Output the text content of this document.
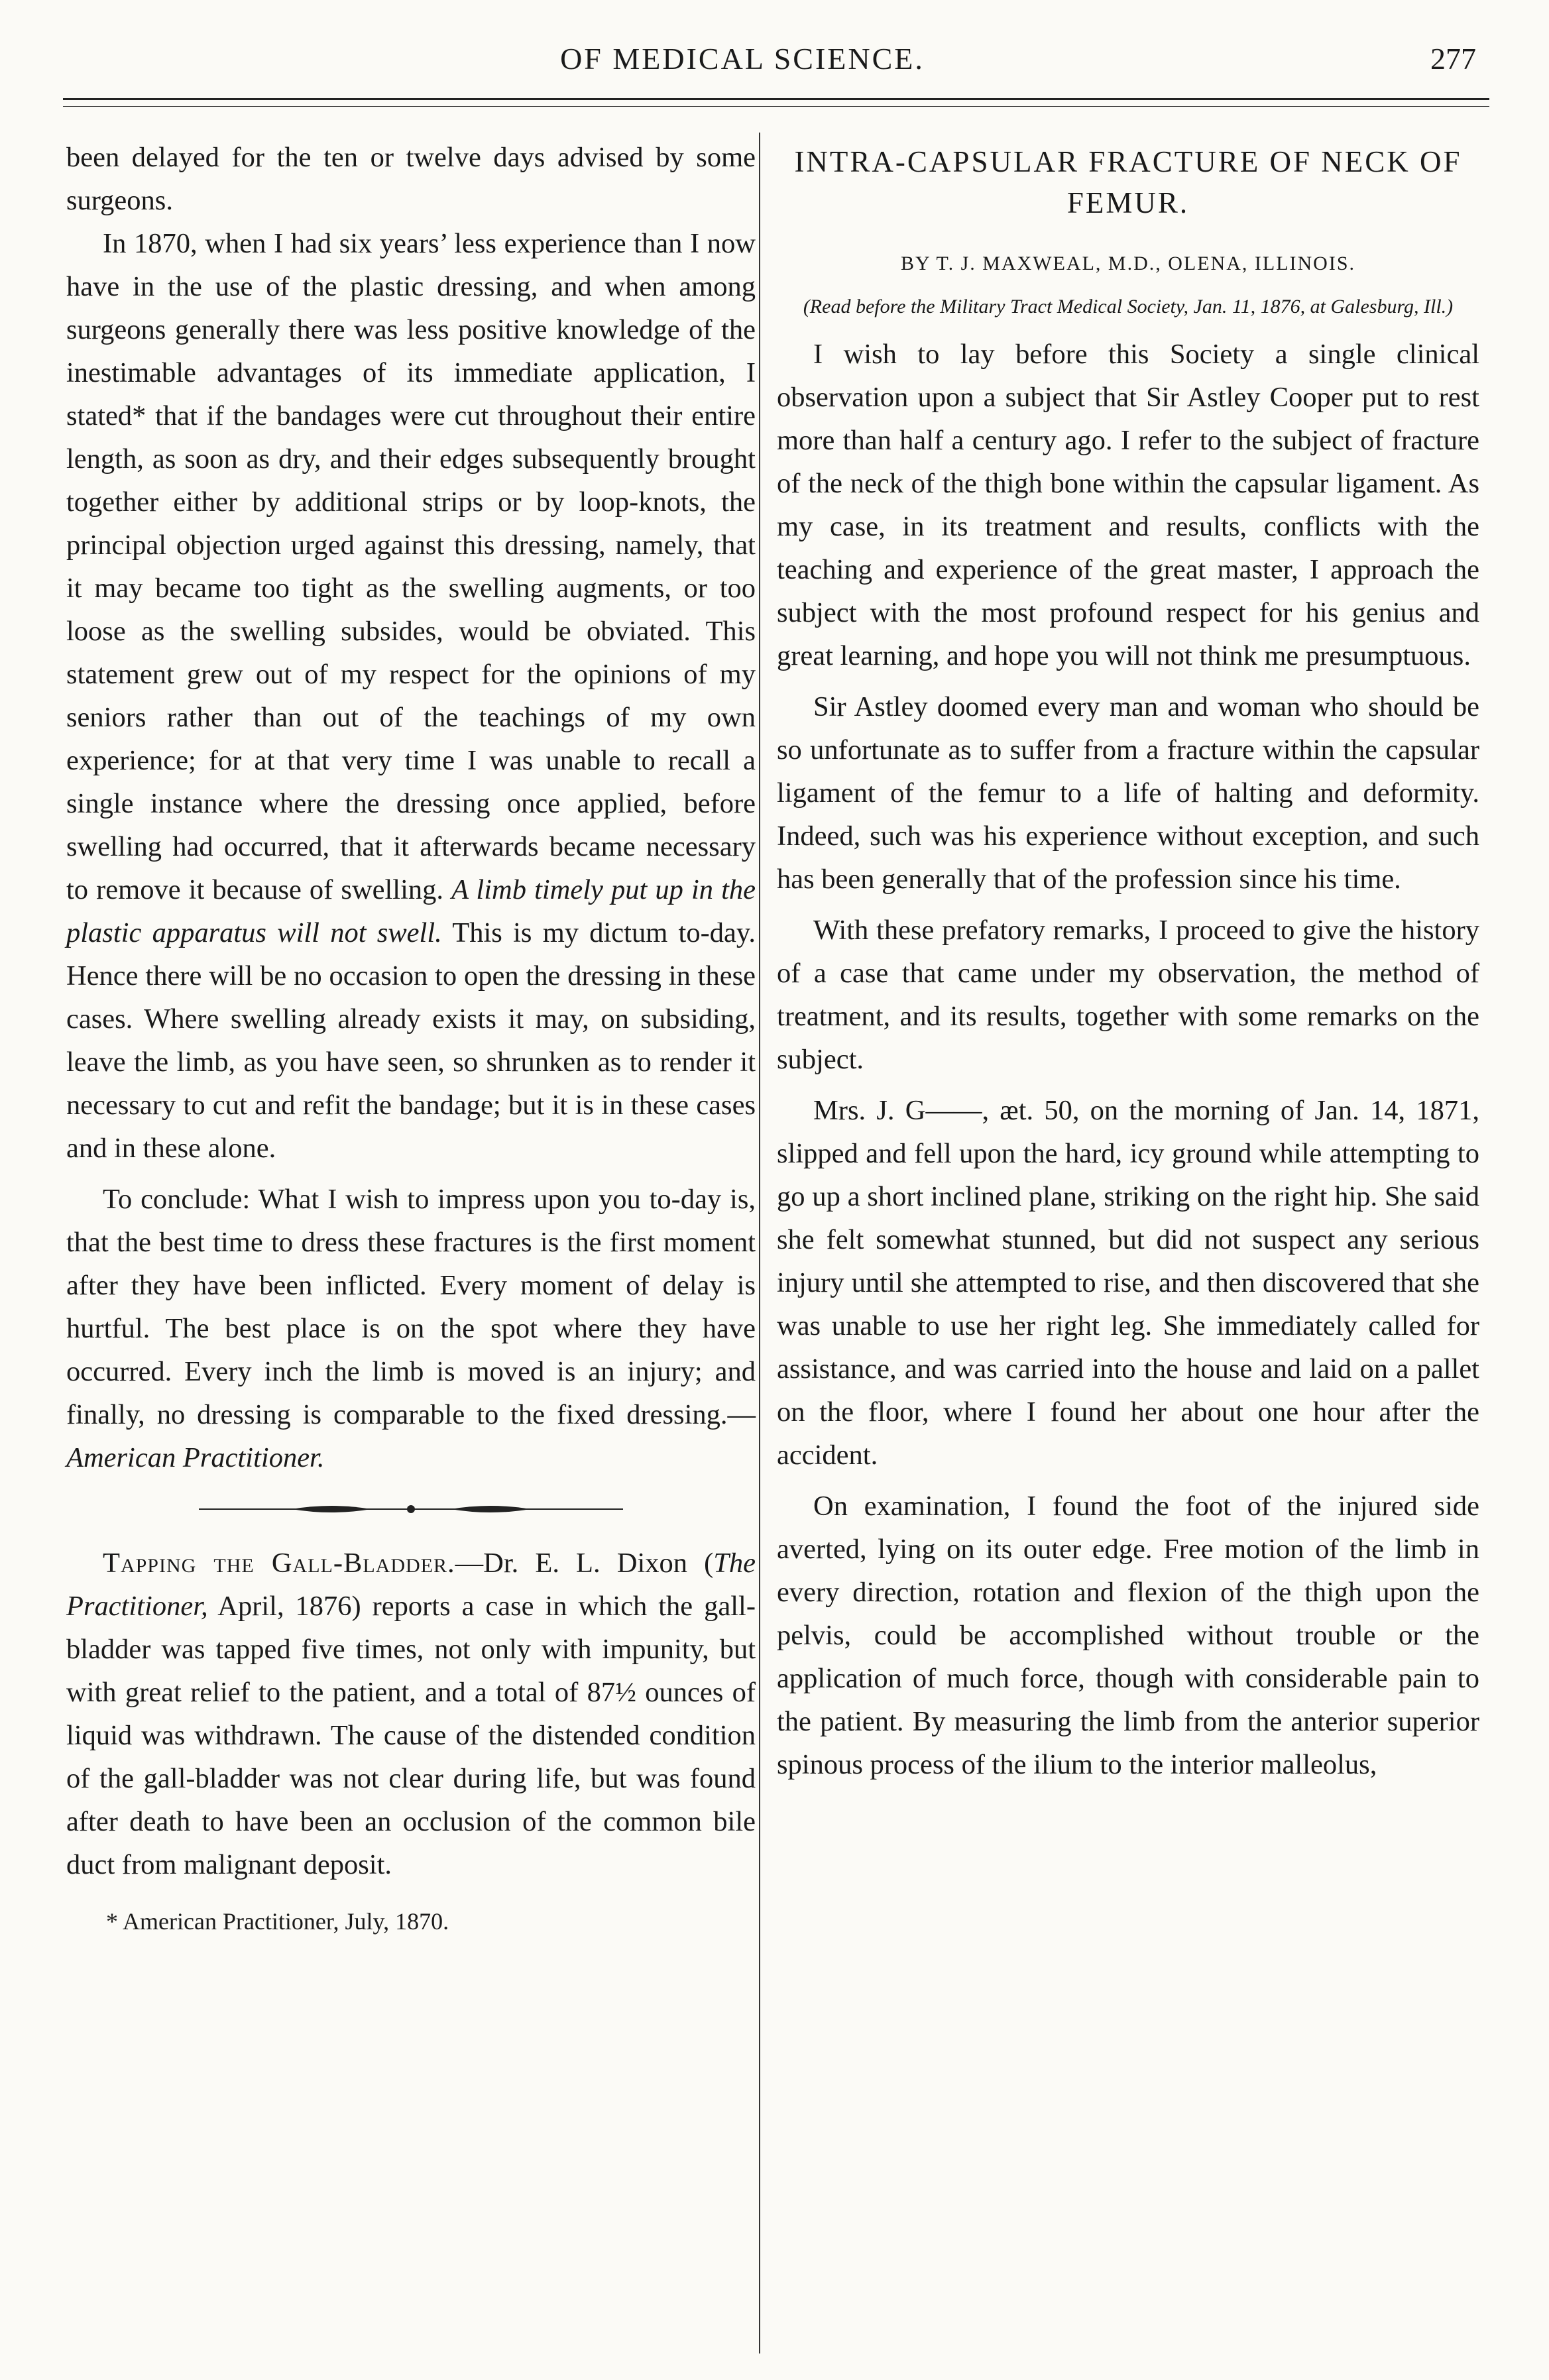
OF MEDICAL SCIENCE.	277

been delayed for the ten or twelve days advised by some surgeons.

In 1870, when I had six years’ less experience than I now have in the use of the plastic dressing, and when among surgeons generally there was less positive knowledge of the inestimable advantages of its immediate application, I stated* that if the bandages were cut throughout their entire length, as soon as dry, and their edges subsequently brought together either by additional strips or by loop-knots, the principal objection urged against this dressing, namely, that it may became too tight as the swelling augments, or too loose as the swelling subsides, would be obviated. This statement grew out of my respect for the opinions of my seniors rather than out of the teachings of my own experience; for at that very time I was unable to recall a single instance where the dressing once applied, before swelling had occurred, that it afterwards became necessary to remove it because of swelling. A limb timely put up in the plastic apparatus will not swell. This is my dictum to-day. Hence there will be no occasion to open the dressing in these cases. Where swelling already exists it may, on subsiding, leave the limb, as you have seen, so shrunken as to render it necessary to cut and refit the bandage; but it is in these cases and in these alone.

To conclude: What I wish to impress upon you to-day is, that the best time to dress these fractures is the first moment after they have been inflicted. Every moment of delay is hurtful. The best place is on the spot where they have occurred. Every inch the limb is moved is an injury; and finally, no dressing is comparable to the fixed dressing.—American Practitioner.

Tapping the Gall-Bladder.—Dr. E. L. Dixon (The Practitioner, April, 1876) reports a case in which the gall-bladder was tapped five times, not only with impunity, but with great relief to the patient, and a total of 87½ ounces of liquid was withdrawn. The cause of the distended condition of the gall-bladder was not clear during life, but was found after death to have been an occlusion of the common bile duct from malignant deposit.

* American Practitioner, July, 1870.

INTRA-CAPSULAR FRACTURE OF NECK OF FEMUR.

BY T. J. MAXWEAL, M.D., OLENA, ILLINOIS.

(Read before the Military Tract Medical Society, Jan. 11, 1876, at Galesburg, Ill.)

I wish to lay before this Society a single clinical observation upon a subject that Sir Astley Cooper put to rest more than half a century ago. I refer to the subject of fracture of the neck of the thigh bone within the capsular ligament. As my case, in its treatment and results, conflicts with the teaching and experience of the great master, I approach the subject with the most profound respect for his genius and great learning, and hope you will not think me presumptuous.

Sir Astley doomed every man and woman who should be so unfortunate as to suffer from a fracture within the capsular ligament of the femur to a life of halting and deformity. Indeed, such was his experience without exception, and such has been generally that of the profession since his time.

With these prefatory remarks, I proceed to give the history of a case that came under my observation, the method of treatment, and its results, together with some remarks on the subject.

Mrs. J. G——, æt. 50, on the morning of Jan. 14, 1871, slipped and fell upon the hard, icy ground while attempting to go up a short inclined plane, striking on the right hip. She said she felt somewhat stunned, but did not suspect any serious injury until she attempted to rise, and then discovered that she was unable to use her right leg. She immediately called for assistance, and was carried into the house and laid on a pallet on the floor, where I found her about one hour after the accident.

On examination, I found the foot of the injured side averted, lying on its outer edge. Free motion of the limb in every direction, rotation and flexion of the thigh upon the pelvis, could be accomplished without trouble or the application of much force, though with considerable pain to the patient. By measuring the limb from the anterior superior spinous process of the ilium to the interior malleolus,
